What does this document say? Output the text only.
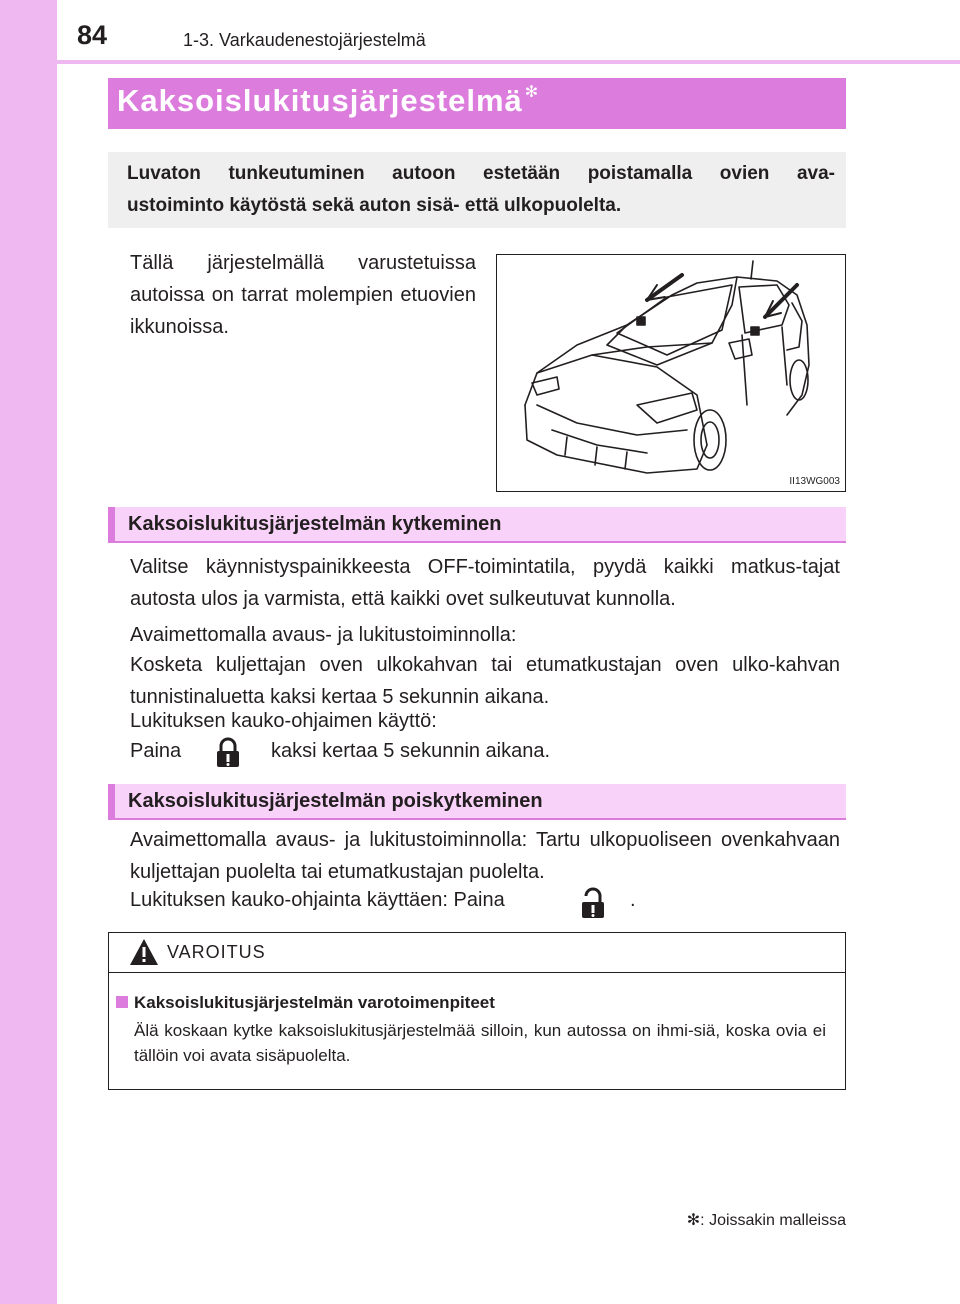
84	1-3. Varkaudenestojärjestelmä
Kaksoislukitusjärjestelmä ✻
Luvaton tunkeutuminen autoon estetään poistamalla ovien ava-
ustoiminto käytöstä sekä auton sisä- että ulkopuolelta.
Tällä järjestelmällä varustetuissa autoissa on tarrat molempien etuovien ikkunoissa.
II13WG003
Kaksoislukitusjärjestelmän kytkeminen
Valitse käynnistyspainikkeesta OFF-toimintatila, pyydä kaikki matkus-tajat autosta ulos ja varmista, että kaikki ovet sulkeutuvat kunnolla.
Avaimettomalla avaus- ja lukitustoiminnolla:
Kosketa kuljettajan oven ulkokahvan tai etumatkustajan oven ulko-kahvan tunnistinaluetta kaksi kertaa 5 sekunnin aikana.
Lukituksen kauko-ohjaimen käyttö:
Paina	kaksi kertaa 5 sekunnin aikana.
Kaksoislukitusjärjestelmän poiskytkeminen
Avaimettomalla avaus- ja lukitustoiminnolla: Tartu ulkopuoliseen ovenkahvaan kuljettajan puolelta tai etumatkustajan puolelta.
Lukituksen kauko-ohjainta käyttäen: Paina	.
VAROITUS
Kaksoislukitusjärjestelmän varotoimenpiteet
Älä koskaan kytke kaksoislukitusjärjestelmää silloin, kun autossa on ihmi-siä, koska ovia ei tällöin voi avata sisäpuolelta.
✻: Joissakin malleissa
